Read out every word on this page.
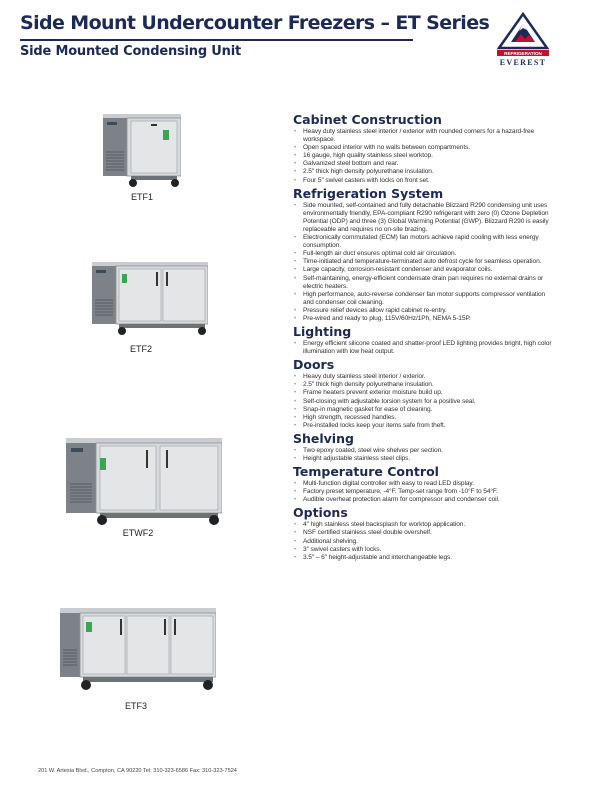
Side Mount Undercounter Freezers – ET Series
Side Mounted Condensing Unit	REFRIGERATION
EVEREST
ETF1
ETF2
ETWF2
ETF3
Cabinet Construction
• Heavy duty stainless steel interior / exterior with rounded corners for a hazard-free workspace.
• Open spaced interior with no walls between compartments.
• 16 gauge, high quality stainless steel worktop.
• Galvanized steel bottom and rear.
• 2.5" thick high density polyurethane insulation.
• Four 5" swivel casters with locks on front set.
Refrigeration System
• Side mounted, self-contained and fully detachable Blizzard R290 condensing unit uses environmentally friendly, EPA-compliant R290 refrigerant with zero (0) Ozone Depletion Potential (ODP) and three (3) Global Warming Potential (GWP). Blizzard R290 is easily replaceable and requires no on-site brazing.
• Electronically commutated (ECM) fan motors achieve rapid cooling with less energy consumption.
• Full-length air duct ensures optimal cold air circulation.
• Time-initiated and temperature-terminated auto defrost cycle for seamless operation.
• Large capacity, corrosion-resistant condenser and evaporator coils.
• Self-maintaining, energy-efficient condensate drain pan requires no external drains or electric heaters.
• High performance, auto-reverse condenser fan motor supports compressor ventilation and condenser coil cleaning.
• Pressure relief devices allow rapid cabinet re-entry.
• Pre-wired and ready to plug, 115V/60Hz/1Ph, NEMA 5-15P.
Lighting
• Energy efficient silicone coated and shatter-proof LED lighting provides bright, high color illumination with low heat output.
Doors
• Heavy duty stainless steel interior / exterior.
• 2.5" thick high density polyurethane insulation.
• Frame heaters prevent exterior moisture build up.
• Self-closing with adjustable torsion system for a positive seal.
• Snap-in magnetic gasket for ease of cleaning.
• High strength, recessed handles.
• Pre-installed locks keep your items safe from theft.
Shelving
• Two epoxy coated, steel wire shelves per section.
• Height adjustable stainless steel clips.
Temperature Control
• Multi-function digital controller with easy to read LED display.
• Factory preset temperature, -4°F. Temp-set range from -10°F to 54°F.
• Audible overheat protection alarm for compressor and condenser coil.
Options
• 4" high stainless steel backsplash for worktop application.
• NSF certified stainless steel double overshelf.
• Additional shelving.
• 3" swivel casters with locks.
• 3.5" – 6" height-adjustable and interchangeable legs.
201 W. Artesia Blvd., Compton, CA 90220 Tel: 310-323-6586 Fax: 310-323-7524
